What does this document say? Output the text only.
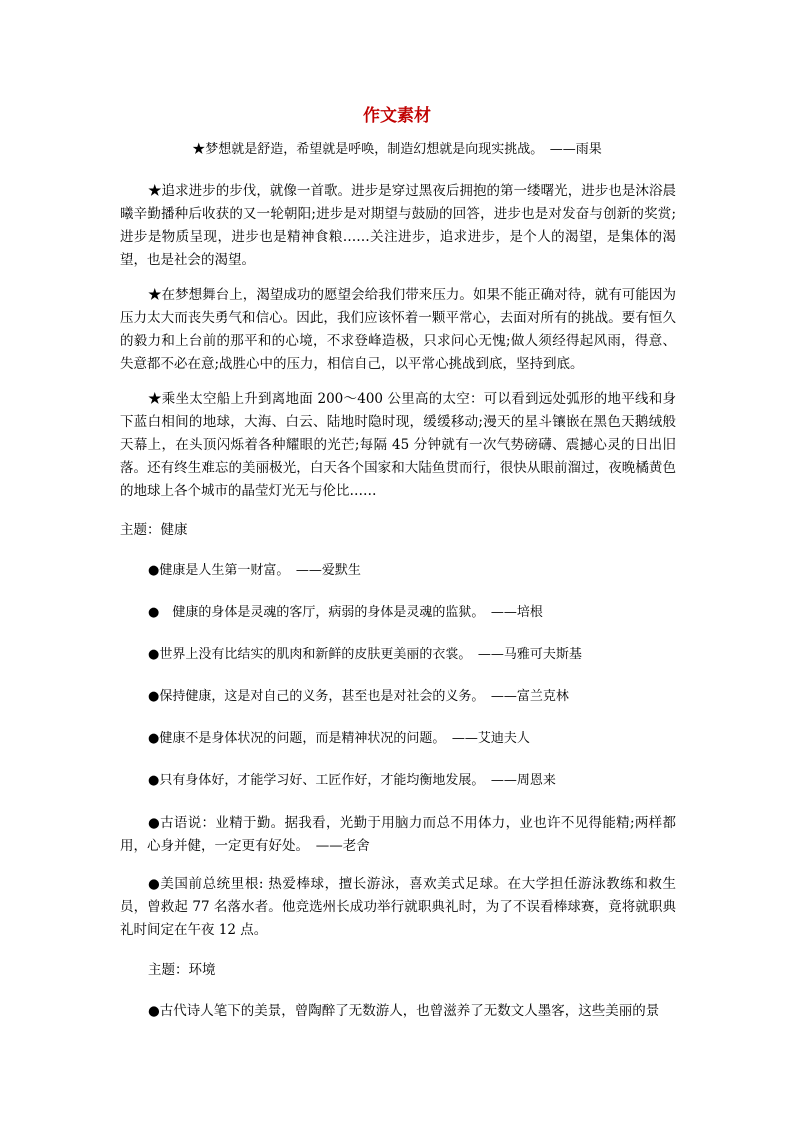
作文素材
★梦想就是舒造，希望就是呼唤，制造幻想就是向现实挑战。　——雨果

★追求进步的步伐，就像一首歌。进步是穿过黑夜后拥抱的第一缕曙光，进步也是沐浴晨曦辛勤播种后收获的又一轮朝阳;进步是对期望与鼓励的回答，进步也是对发奋与创新的奖赏;进步是物质呈现，进步也是精神食粮……关注进步，追求进步，是个人的渴望，是集体的渴望，也是社会的渴望。

★在梦想舞台上，渴望成功的愿望会给我们带来压力。如果不能正确对待，就有可能因为压力太大而丧失勇气和信心。因此，我们应该怀着一颗平常心，去面对所有的挑战。要有恒久的毅力和上台前的那平和的心境，不求登峰造极，只求问心无愧;做人须经得起风雨，得意、失意都不必在意;战胜心中的压力，相信自己，以平常心挑战到底，坚持到底。

★乘坐太空船上升到离地面 200～400 公里高的太空：可以看到远处弧形的地平线和身下蓝白相间的地球，大海、白云、陆地时隐时现，缓缓移动;漫天的星斗镶嵌在黑色天鹅绒般天幕上，在头顶闪烁着各种耀眼的光芒;每隔 45 分钟就有一次气势磅礴、震撼心灵的日出旧落。还有终生难忘的美丽极光，白天各个国家和大陆鱼贯而行，很快从眼前溜过，夜晚橘黄色的地球上各个城市的晶莹灯光无与伦比……

主题：健康

●健康是人生第一财富。　——爱默生

●　健康的身体是灵魂的客厅，病弱的身体是灵魂的监狱。　——培根

●世界上没有比结实的肌肉和新鲜的皮肤更美丽的衣裳。　——马雅可夫斯基

●保持健康，这是对自己的义务，甚至也是对社会的义务。　——富兰克林

●健康不是身体状况的问题，而是精神状况的问题。　——艾迪夫人

●只有身体好，才能学习好、工匠作好，才能均衡地发展。　——周恩来

●古语说：业精于勤。据我看，光勤于用脑力而总不用体力，业也许不见得能精;两样都用，心身并健，一定更有好处。　——老舍

●美国前总统里根: 热爱棒球，擅长游泳，喜欢美式足球。在大学担任游泳教练和救生员，曾救起 77 名落水者。他竞选州长成功举行就职典礼时，为了不误看棒球赛，竟将就职典礼时间定在午夜 12 点。

主题：环境

●古代诗人笔下的美景，曾陶醉了无数游人，也曾滋养了无数文人墨客，这些美丽的景
